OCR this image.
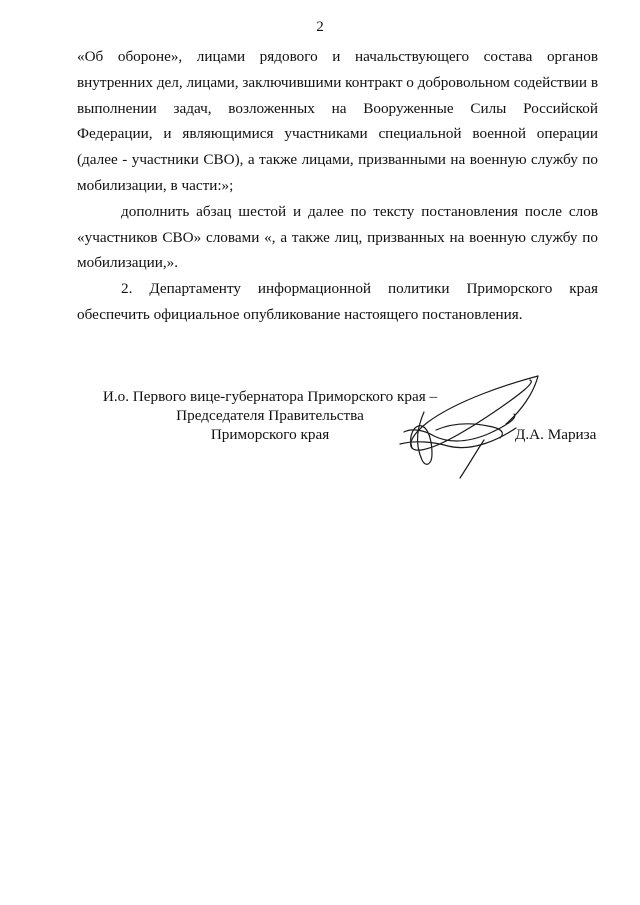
2

«Об обороне», лицами рядового и начальствующего состава органов внутренних дел, лицами, заключившими контракт о добровольном содействии в выполнении задач, возложенных на Вооруженные Силы Российской Федерации, и являющимися участниками специальной военной операции (далее - участники СВО), а также лицами, призванными на военную службу по мобилизации, в части:»;

дополнить абзац шестой и далее по тексту постановления после слов «участников СВО» словами «, а также лиц, призванных на военную службу по мобилизации,».

2. Департаменту информационной политики Приморского края обеспечить официальное опубликование настоящего постановления.

И.о. Первого вице-губернатора Приморского края –
Председателя Правительства
Приморского края	Д.А. Мариза
